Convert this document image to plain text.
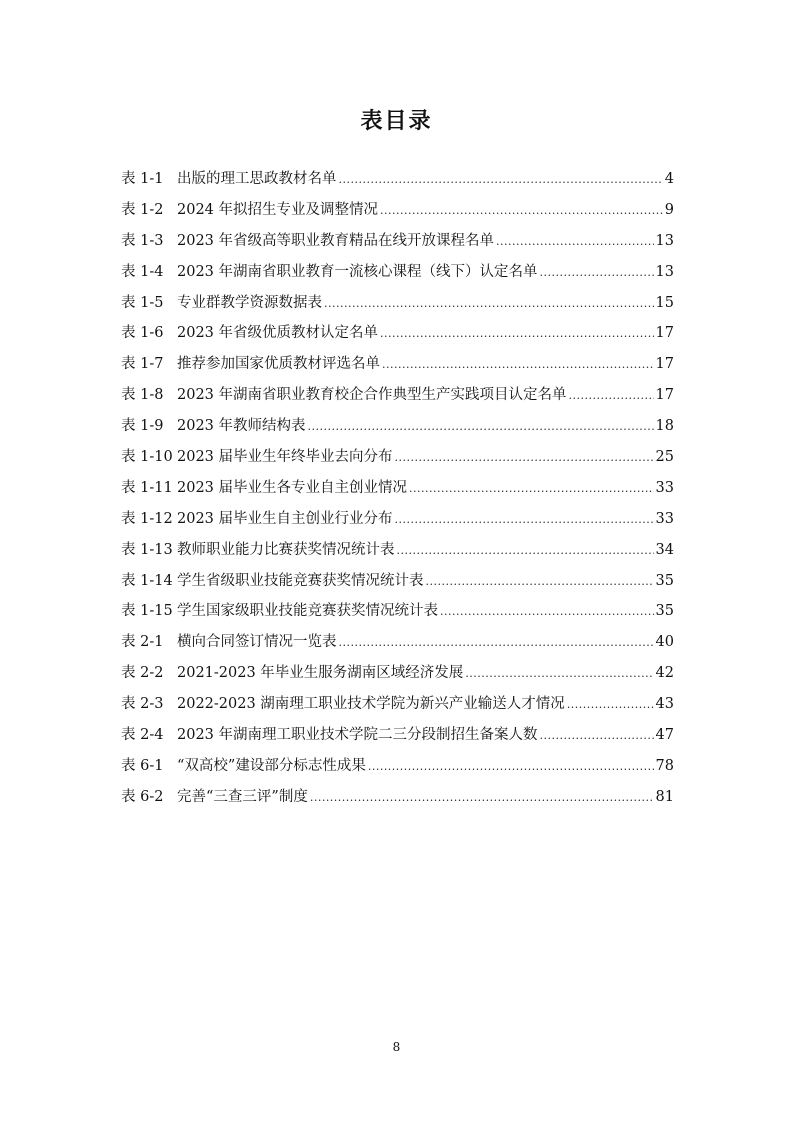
表目录
表 1-1 出版的理工思政教材名单 .....	4
表 1-2 2024 年拟招生专业及调整情况 .....	9
表 1-3 2023 年省级高等职业教育精品在线开放课程名单 .....	13
表 1-4 2023 年湖南省职业教育一流核心课程（线下）认定名单 .....	13
表 1-5 专业群教学资源数据表 .....	15
表 1-6 2023 年省级优质教材认定名单 .....	17
表 1-7 推荐参加国家优质教材评选名单 .....	17
表 1-8 2023 年湖南省职业教育校企合作典型生产实践项目认定名单 .....	17
表 1-9 2023 年教师结构表 .....	18
表 1-10 2023 届毕业生年终毕业去向分布 .....	25
表 1-11 2023 届毕业生各专业自主创业情况 .....	33
表 1-12 2023 届毕业生自主创业行业分布 .....	33
表 1-13 教师职业能力比赛获奖情况统计表 .....	34
表 1-14 学生省级职业技能竞赛获奖情况统计表 .....	35
表 1-15 学生国家级职业技能竞赛获奖情况统计表 .....	35
表 2-1 横向合同签订情况一览表 .....	40
表 2-2 2021-2023 年毕业生服务湖南区域经济发展 .....	42
表 2-3 2022-2023 湖南理工职业技术学院为新兴产业输送人才情况 .....	43
表 2-4 2023 年湖南理工职业技术学院二三分段制招生备案人数 .....	47
表 6-1 “双高校”建设部分标志性成果 .....	78
表 6-2 完善“三查三评”制度 .....	81
8
